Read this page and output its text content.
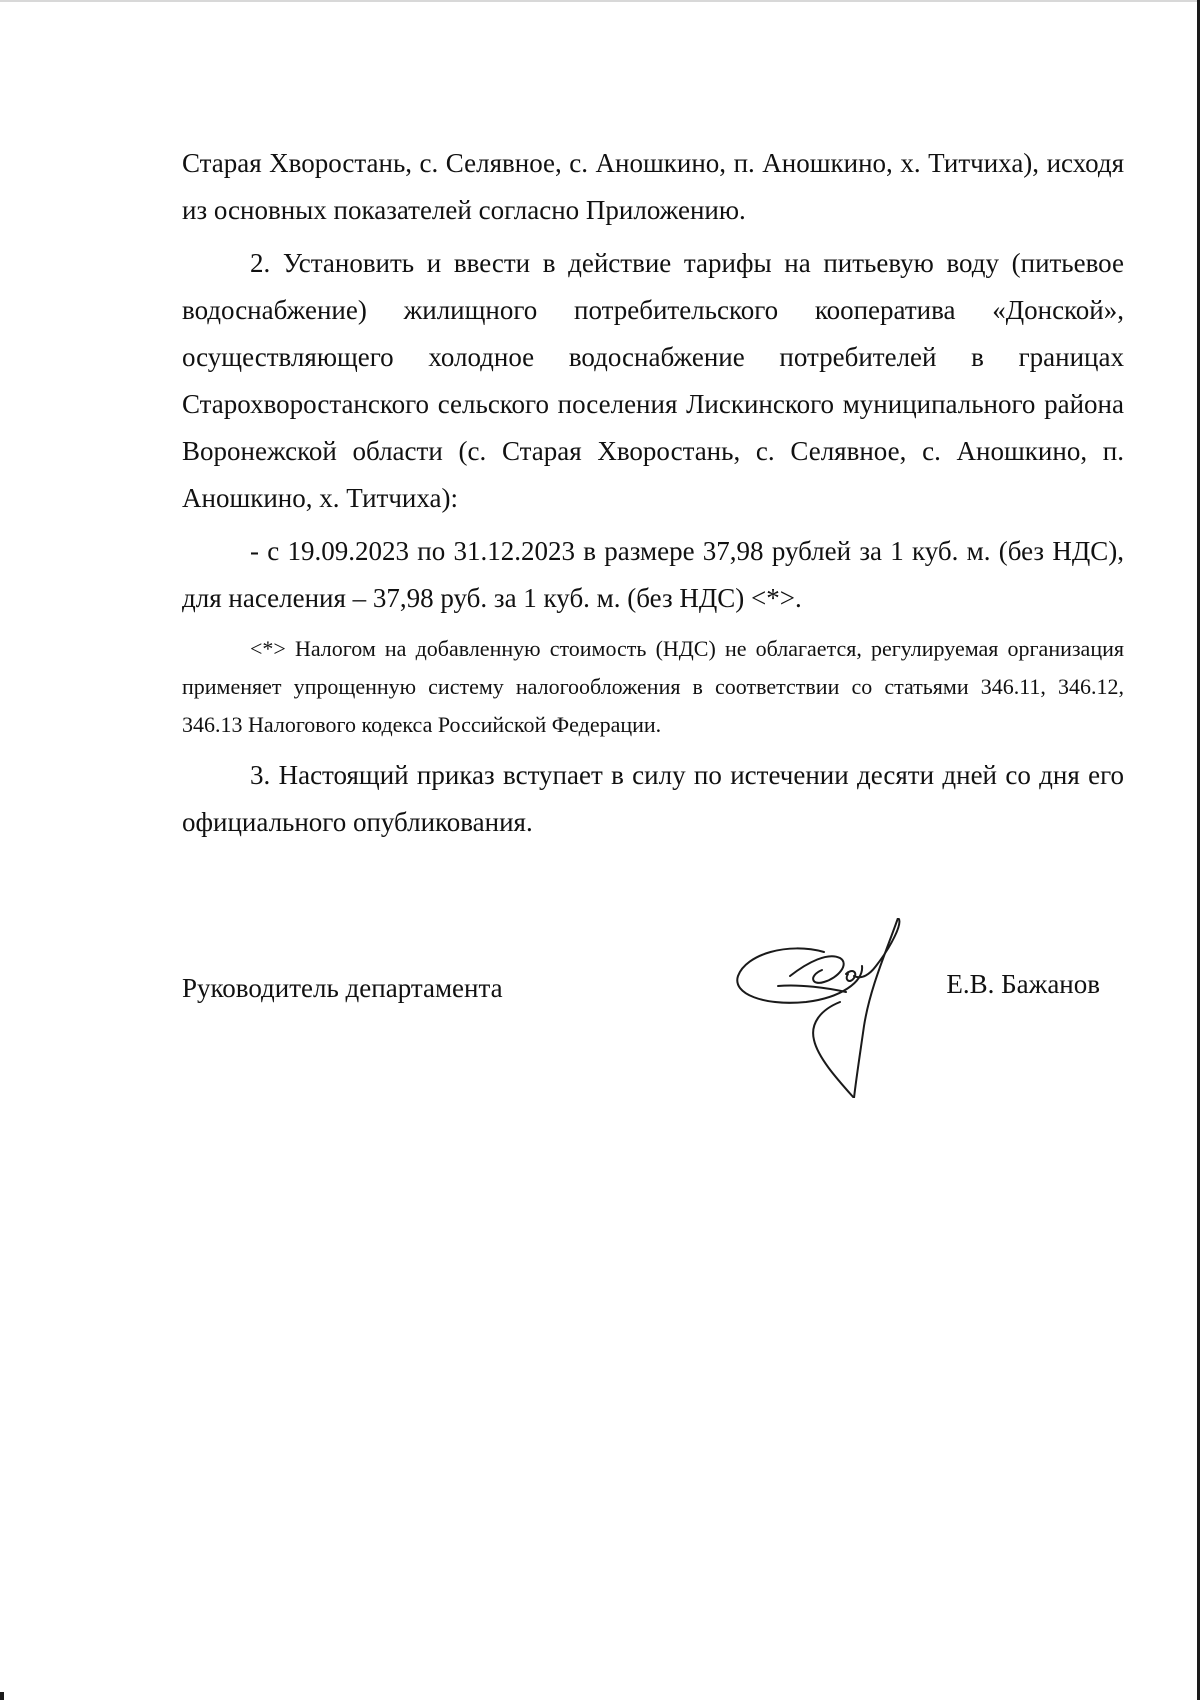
Старая Хворостань, с. Селявное, с. Аношкино, п. Аношкино, х. Титчиха), исходя из основных показателей согласно Приложению.

2. Установить и ввести в действие тарифы на питьевую воду (питьевое водоснабжение) жилищного потребительского кооператива «Донской», осуществляющего холодное водоснабжение потребителей в границах Старохворостанского сельского поселения Лискинского муниципального района Воронежской области (с. Старая Хворостань, с. Селявное, с. Аношкино, п. Аношкино, х. Титчиха):

- с 19.09.2023 по 31.12.2023 в размере 37,98 рублей за 1 куб. м. (без НДС), для населения – 37,98 руб. за 1 куб. м. (без НДС) <*>.

<*> Налогом на добавленную стоимость (НДС) не облагается, регулируемая организация применяет упрощенную систему налогообложения в соответствии со статьями 346.11, 346.12, 346.13 Налогового кодекса Российской Федерации.

3. Настоящий приказ вступает в силу по истечении десяти дней со дня его официального опубликования.

Руководитель департамента	Е.В. Бажанов
